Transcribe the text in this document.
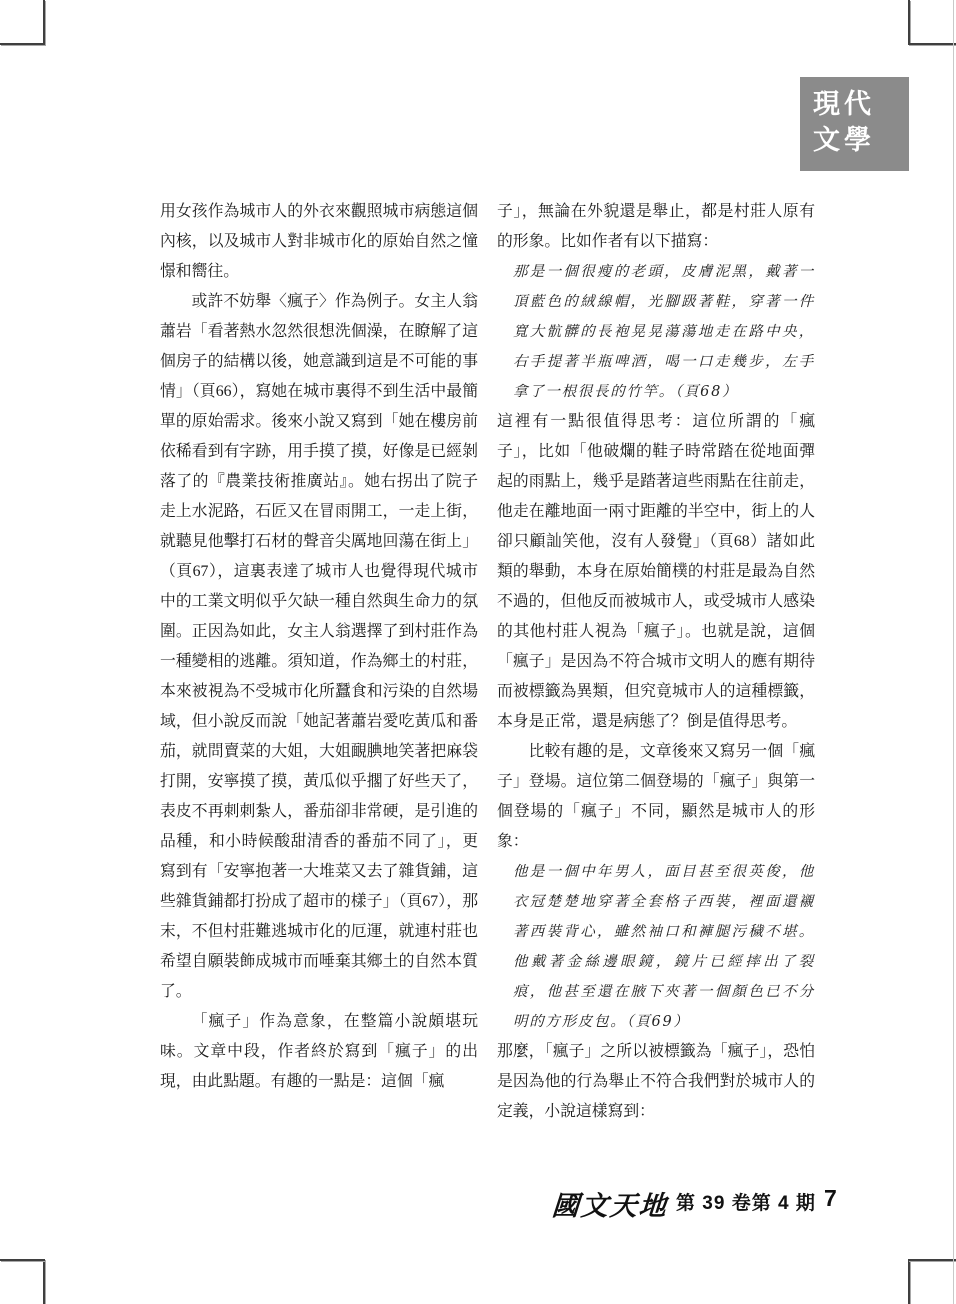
現代
文學
用女孩作為城市人的外衣來觀照城市病態這個內核，以及城市人對非城市化的原始自然之憧憬和嚮往。
或許不妨舉〈瘋子〉作為例子。女主人翁蕭岩「看著熱水忽然很想洗個澡，在瞭解了這個房子的結構以後，她意識到這是不可能的事情」（頁66），寫她在城市裏得不到生活中最簡單的原始需求。後來小說又寫到「她在樓房前依稀看到有字跡，用手摸了摸，好像是已經剝落了的『農業技術推廣站』。她右拐出了院子走上水泥路，石匠又在冒雨開工，一走上街，就聽見他擊打石材的聲音尖厲地回蕩在街上」（頁67），這裏表達了城市人也覺得現代城市中的工業文明似乎欠缺一種自然與生命力的氛圍。正因為如此，女主人翁選擇了到村莊作為一種變相的逃離。須知道，作為鄉土的村莊，本來被視為不受城市化所蠶食和污染的自然場域，但小說反而說「她記著蕭岩愛吃黃瓜和番茄，就問賣菜的大姐，大姐靦腆地笑著把麻袋打開，安寧摸了摸，黃瓜似乎擱了好些天了，表皮不再刺刺紮人，番茄卻非常硬，是引進的品種，和小時候酸甜清香的番茄不同了」，更寫到有「安寧抱著一大堆菜又去了雜貨鋪，這些雜貨鋪都打扮成了超市的樣子」（頁67），那末，不但村莊難逃城市化的厄運，就連村莊也希望自願裝飾成城市而唾棄其鄉土的自然本質了。
「瘋子」作為意象，在整篇小說頗堪玩味。文章中段，作者終於寫到「瘋子」的出現，由此點題。有趣的一點是：這個「瘋
子」，無論在外貌還是舉止，都是村莊人原有的形象。比如作者有以下描寫：
那是一個很瘦的老頭，皮膚泥黑，戴著一頂藍色的絨線帽，光腳趿著鞋，穿著一件寬大骯髒的長袍晃晃蕩蕩地走在路中央，右手提著半瓶啤酒，喝一口走幾步，左手拿了一根很長的竹竿。（頁68）
這裡有一點很值得思考：這位所謂的「瘋子」，比如「他破爛的鞋子時常踏在從地面彈起的雨點上，幾乎是踏著這些雨點在往前走，他走在離地面一兩寸距離的半空中，街上的人卻只顧訕笑他，沒有人發覺」（頁68）諸如此類的舉動，本身在原始簡樸的村莊是最為自然不過的，但他反而被城市人，或受城市人感染的其他村莊人視為「瘋子」。也就是說，這個「瘋子」是因為不符合城市文明人的應有期待而被標籤為異類，但究竟城市人的這種標籤，本身是正常，還是病態了？倒是值得思考。
比較有趣的是，文章後來又寫另一個「瘋子」登場。這位第二個登場的「瘋子」與第一個登場的「瘋子」不同，顯然是城市人的形象：
他是一個中年男人，面目甚至很英俊，他衣冠楚楚地穿著全套格子西裝，裡面還襯著西裝背心，雖然袖口和褲腿污穢不堪。他戴著金絲邊眼鏡，鏡片已經摔出了裂痕，他甚至還在腋下夾著一個顏色已不分明的方形皮包。（頁69）
那麼，「瘋子」之所以被標籤為「瘋子」，恐怕是因為他的行為舉止不符合我們對於城市人的定義，小說這樣寫到：
國文天地 第 39 卷第 4 期 7
